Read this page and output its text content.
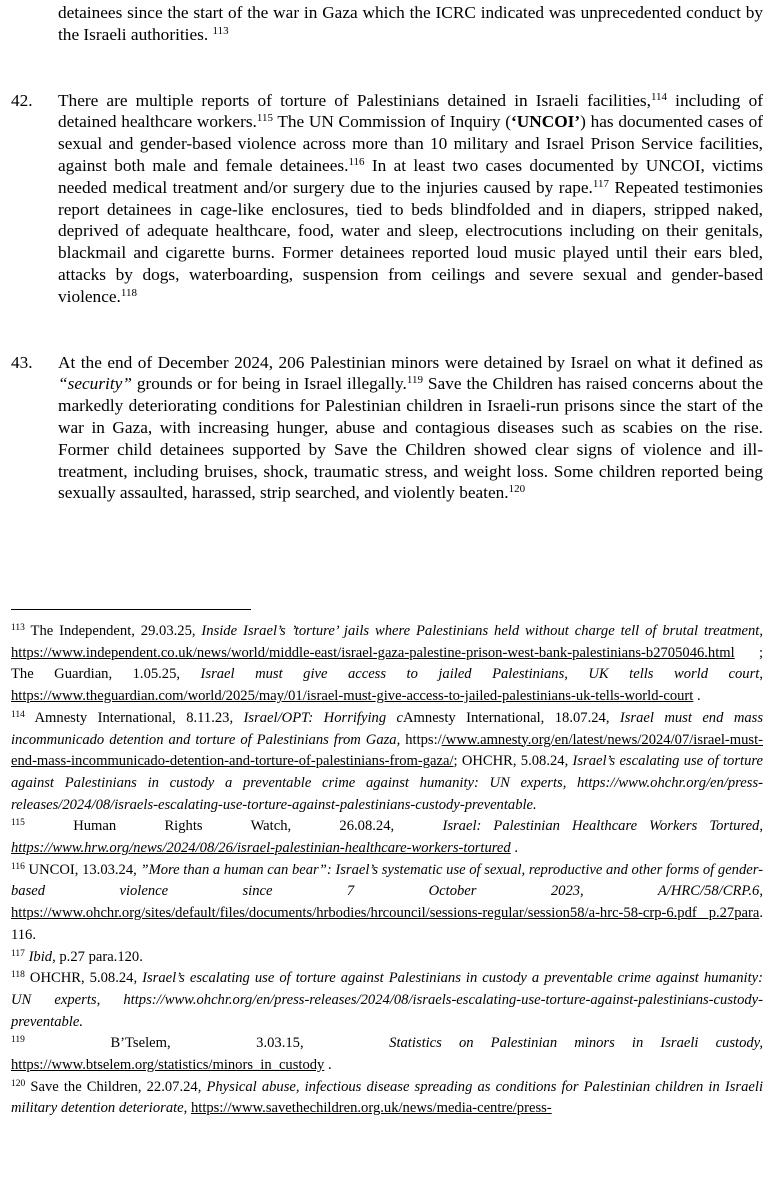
detainees since the start of the war in Gaza which the ICRC indicated was unprecedented conduct by the Israeli authorities. $^{113}$
42. There are multiple reports of torture of Palestinians detained in Israeli facilities,$^{114}$ including of detained healthcare workers.$^{115}$ The UN Commission of Inquiry (‘UNCOI’) has documented cases of sexual and gender-based violence across more than 10 military and Israel Prison Service facilities, against both male and female detainees.$^{116}$ In at least two cases documented by UNCOI, victims needed medical treatment and/or surgery due to the injuries caused by rape.$^{117}$ Repeated testimonies report detainees in cage-like enclosures, tied to beds blindfolded and in diapers, stripped naked, deprived of adequate healthcare, food, water and sleep, electrocutions including on their genitals, blackmail and cigarette burns. Former detainees reported loud music played until their ears bled, attacks by dogs, waterboarding, suspension from ceilings and severe sexual and gender-based violence.$^{118}$
43. At the end of December 2024, 206 Palestinian minors were detained by Israel on what it defined as “security” grounds or for being in Israel illegally.$^{119}$ Save the Children has raised concerns about the markedly deteriorating conditions for Palestinian children in Israeli-run prisons since the start of the war in Gaza, with increasing hunger, abuse and contagious diseases such as scabies on the rise. Former child detainees supported by Save the Children showed clear signs of violence and ill-treatment, including bruises, shock, traumatic stress, and weight loss. Some children reported being sexually assaulted, harassed, strip searched, and violently beaten.$^{120}$
$^{113}$ The Independent, 29.03.25, Inside Israel’s ’torture’ jails where Palestinians held without charge tell of brutal treatment, https://www.independent.co.uk/news/world/middle-east/israel-gaza-palestine-prison-west-bank-palestinians-b2705046.html ; The Guardian, 1.05.25, Israel must give access to jailed Palestinians, UK tells world court, https://www.theguardian.com/world/2025/may/01/israel-must-give-access-to-jailed-palestinians-uk-tells-world-court .
$^{114}$ Amnesty International, 8.11.23, Israel/OPT: Horrifying cAmnesty International, 18.07.24, Israel must end mass incommunicado detention and torture of Palestinians from Gaza, https://www.amnesty.org/en/latest/news/2024/07/israel-must-end-mass-incommunicado-detention-and-torture-of-palestinians-from-gaza/; OHCHR, 5.08.24, Israel’s escalating use of torture against Palestinians in custody a preventable crime against humanity: UN experts, https://www.ohchr.org/en/press-releases/2024/08/israels-escalating-use-torture-against-palestinians-custody-preventable.
$^{115}$    Human    Rights    Watch,    26.08.24,    Israel: Palestinian Healthcare Workers Tortured, https://www.hrw.org/news/2024/08/26/israel-palestinian-healthcare-workers-tortured .
$^{116}$ UNCOI, 13.03.24, ”More than a human can bear”: Israel’s systematic use of sexual, reproductive and other forms of gender-based violence since 7 October 2023, A/HRC/58/CRP.6, https://www.ohchr.org/sites/default/files/documents/hrbodies/hrcouncil/sessions-regular/session58/a-hrc-58-crp-6.pdf p.27para. 116.
$^{117}$ Ibid, p.27 para.120.
$^{118}$ OHCHR, 5.08.24, Israel’s escalating use of torture against Palestinians in custody a preventable crime against humanity: UN experts, https://www.ohchr.org/en/press-releases/2024/08/israels-escalating-use-torture-against-palestinians-custody-preventable.
$^{119}$     B’Tselem,     3.03.15,     Statistics on Palestinian minors in Israeli custody, https://www.btselem.org/statistics/minors_in_custody .
$^{120}$ Save the Children, 22.07.24, Physical abuse, infectious disease spreading as conditions for Palestinian children in Israeli military detention deteriorate, https://www.savethechildren.org.uk/news/media-centre/press-
